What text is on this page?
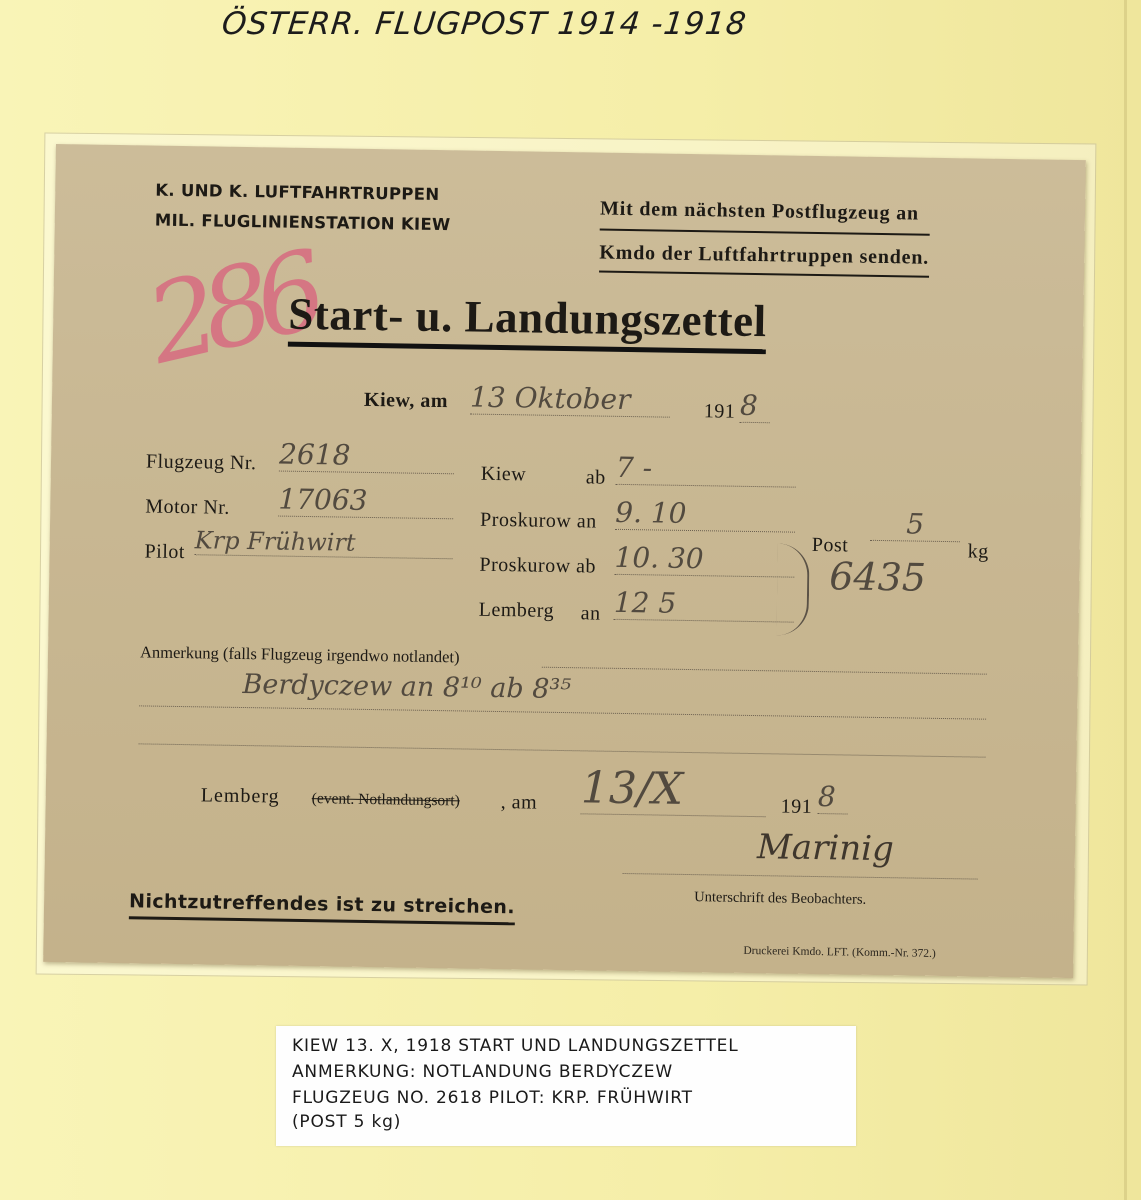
ÖSTERR. FLUGPOST 1914 -1918
K. UND K. LUFTFAHRTRUPPEN
MIL. FLUGLINIENSTATION KIEW	Mit dem nächsten Postflugzeug an
Kmdo der Luftfahrtruppen senden.
286
Start- u. Landungszettel
Kiew, am 13 Oktober	191 8
Flugzeug Nr. 2618
Motor Nr. 17063
Pilot Krp Frühwirt
Kiew	ab 7 -
Proskurow an 9. 10
Proskurow ab 10. 30
Lemberg an 12 5
6435
Post
5
kg
Anmerkung (falls Flugzeug irgendwo notlandet)
Berdyczew an 8¹⁰ ab 8³⁵
Lemberg (event. Notlandungsort) , am 13/X	191 8
Marinig
Unterschrift des Beobachters.
Nichtzutreffendes ist zu streichen.
Druckerei Kmdo. LFT. (Komm.-Nr. 372.)
KIEW 13. X, 1918 START UND LANDUNGSZETTEL
ANMERKUNG: NOTLANDUNG BERDYCZEW
FLUGZEUG NO. 2618 PILOT: KRP. FRÜHWIRT
(POST 5 kg)
